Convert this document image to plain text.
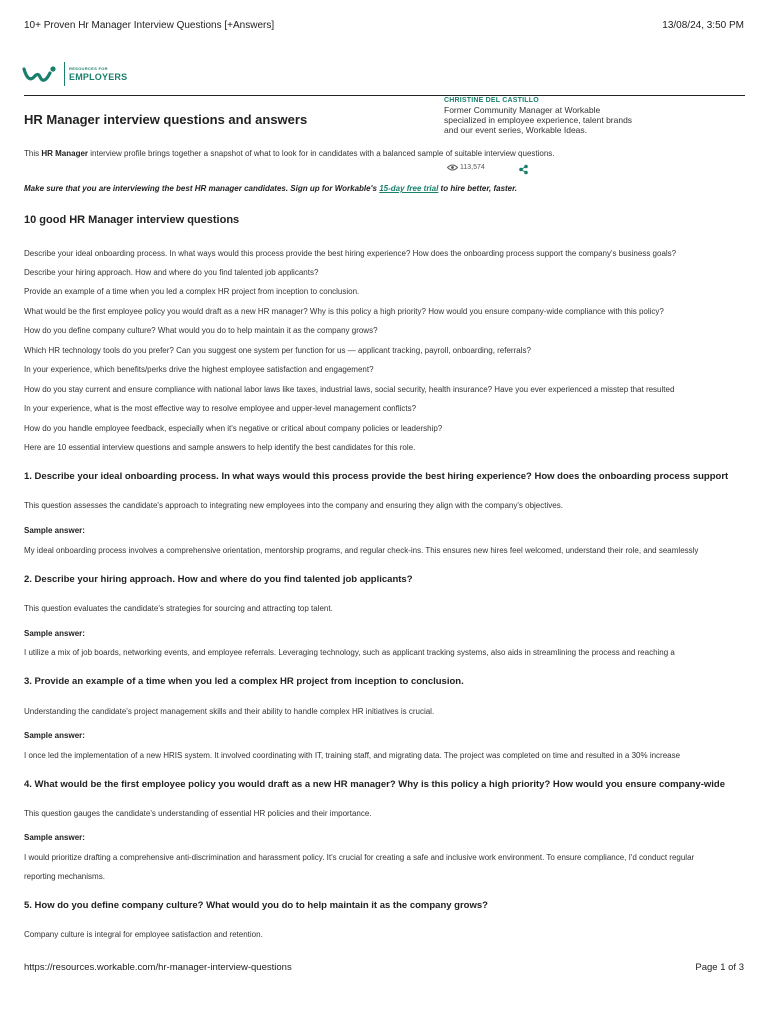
10+ Proven Hr Manager Interview Questions [+Answers]	13/08/24, 3:50 PM
RESOURCES FOR
EMPLOYERS
CHRISTINE DEL CASTILLO
Former Community Manager at Workable specialized in employee experience, talent brands and our event series, Workable Ideas.
HR Manager interview questions and answers
This HR Manager interview profile brings together a snapshot of what to look for in candidates with a balanced sample of suitable interview questions.
113,574
Make sure that you are interviewing the best HR manager candidates. Sign up for Workable's 15-day free trial to hire better, faster.
10 good HR Manager interview questions
Describe your ideal onboarding process. In what ways would this process provide the best hiring experience? How does the onboarding process support the company's business goals?
Describe your hiring approach. How and where do you find talented job applicants?
Provide an example of a time when you led a complex HR project from inception to conclusion.
What would be the first employee policy you would draft as a new HR manager? Why is this policy a high priority? How would you ensure company-wide compliance with this policy?
How do you define company culture? What would you do to help maintain it as the company grows?
Which HR technology tools do you prefer? Can you suggest one system per function for us — applicant tracking, payroll, onboarding, referrals?
In your experience, which benefits/perks drive the highest employee satisfaction and engagement?
How do you stay current and ensure compliance with national labor laws like taxes, industrial laws, social security, health insurance? Have you ever experienced a misstep that resulted
In your experience, what is the most effective way to resolve employee and upper-level management conflicts?
How do you handle employee feedback, especially when it's negative or critical about company policies or leadership?
Here are 10 essential interview questions and sample answers to help identify the best candidates for this role.
1. Describe your ideal onboarding process. In what ways would this process provide the best hiring experience? How does the onboarding process support
This question assesses the candidate's approach to integrating new employees into the company and ensuring they align with the company's objectives.
Sample answer:
My ideal onboarding process involves a comprehensive orientation, mentorship programs, and regular check-ins. This ensures new hires feel welcomed, understand their role, and seamlessly
2. Describe your hiring approach. How and where do you find talented job applicants?
This question evaluates the candidate's strategies for sourcing and attracting top talent.
Sample answer:
I utilize a mix of job boards, networking events, and employee referrals. Leveraging technology, such as applicant tracking systems, also aids in streamlining the process and reaching a
3. Provide an example of a time when you led a complex HR project from inception to conclusion.
Understanding the candidate's project management skills and their ability to handle complex HR initiatives is crucial.
Sample answer:
I once led the implementation of a new HRIS system. It involved coordinating with IT, training staff, and migrating data. The project was completed on time and resulted in a 30% increase
4. What would be the first employee policy you would draft as a new HR manager? Why is this policy a high priority? How would you ensure company-wide
This question gauges the candidate's understanding of essential HR policies and their importance.
Sample answer:
I would prioritize drafting a comprehensive anti-discrimination and harassment policy. It's crucial for creating a safe and inclusive work environment. To ensure compliance, I'd conduct regular
reporting mechanisms.
5. How do you define company culture? What would you do to help maintain it as the company grows?
Company culture is integral for employee satisfaction and retention.
https://resources.workable.com/hr-manager-interview-questions	Page 1 of 3
